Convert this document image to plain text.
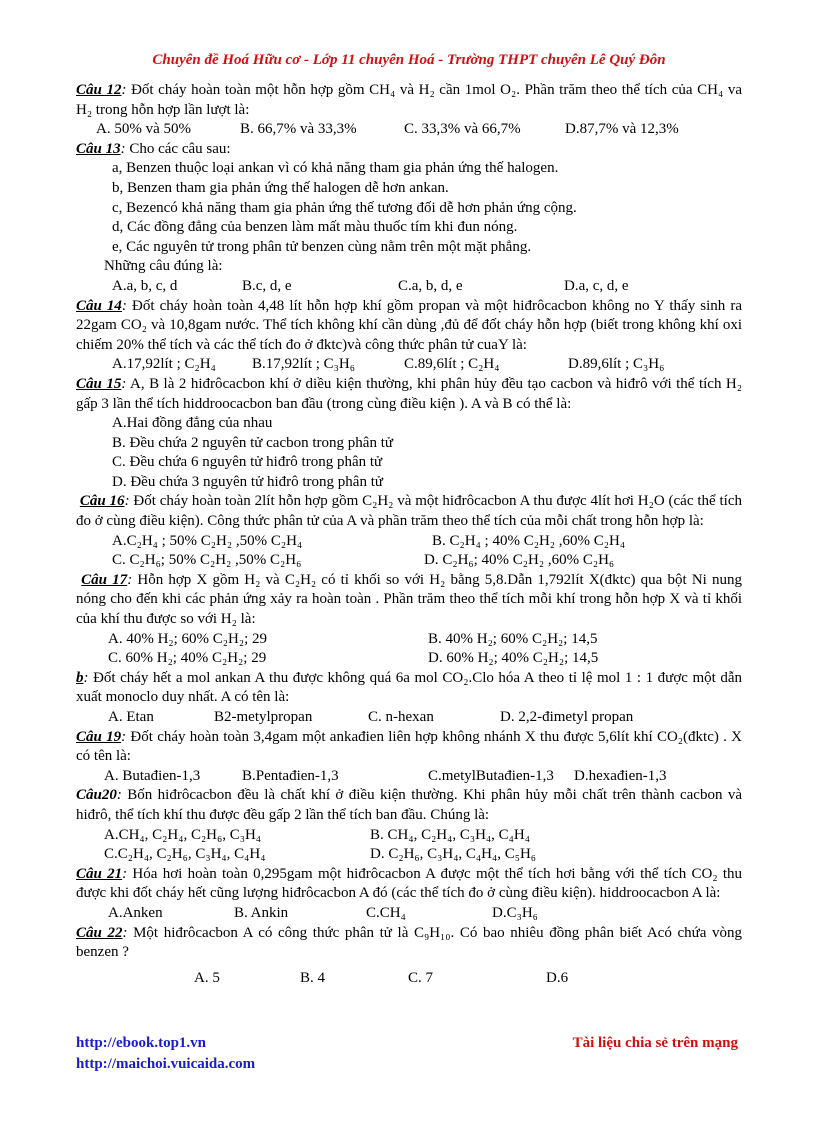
Chuyên đề Hoá Hữu cơ - Lớp 11 chuyên Hoá - Trường THPT chuyên Lê Quý Đôn

Câu 12: Đốt cháy hoàn toàn một hỗn hợp gồm CH₄ và H₂ cần 1mol O₂. Phần trăm theo thể tích của CH₄ va H₂ trong hỗn hợp lần lượt là:

A. 50% và 50%	B. 66,7% và 33,3%	C. 33,3% và 66,7%	D.87,7% và 12,3%

Câu 13: Cho các câu sau:

a, Benzen thuộc loại ankan vì có khả năng tham gia phản ứng thế halogen.

b, Benzen tham gia phản ứng thế halogen dễ hơn ankan.

c, Bezencó khả năng tham gia phản ứng thế tương đối dễ hơn phản ứng cộng.

d, Các đồng đẳng của benzen làm mất màu thuốc tím khi đun nóng.

e, Các nguyên tử trong phân tử benzen cùng nằm trên một mặt phẳng.

Những câu đúng là:

A.a, b, c, d	B.c, d, e	C.a, b, d, e	D.a, c, d, e

Câu 14: Đốt cháy hoàn toàn 4,48 lít hỗn hợp khí gồm propan và một hiđrôcacbon không no Y thấy sinh ra 22gam CO₂ và 10,8gam nước. Thể tích không khí cần dùng ,đủ để đốt cháy hỗn hợp (biết trong không khí oxi chiếm 20% thể tích và các thể tích đo ở đktc)và công thức phân tử cuaY là:

A.17,92lít ; C₂H₄	B.17,92lít ; C₃H₆	C.89,6lít ; C₂H₄	D.89,6lít ; C₃H₆

Câu 15: A, B là 2 hiđrôcacbon khí ở diều kiện thường, khi phân hủy đều tạo cacbon và hiđrô với thể tích H₂ gấp 3 lần thể tích hiddroocacbon ban đầu (trong cùng điều kiện ). A và B có thể là:

A.Hai đồng đẳng của nhau

B. Đều chứa 2 nguyên tử cacbon trong phân tử

C. Đều chứa 6 nguyên tử hiđrô trong phân tử

D. Đều chứa 3 nguyên tử hiđrô trong phân tử

Câu 16: Đốt cháy hoàn toàn 2lít hỗn hợp gồm C₂H₂ và một hiđrôcacbon A thu được 4lít hơi H₂O (các thể tích đo ở cùng điều kiện). Công thức phân tử của A và phần trăm theo thể tích của mỗi chất trong hỗn hợp là:

A.C₂H₄ ; 50% C₂H₂ ,50% C₂H₄	B. C₂H₄ ; 40% C₂H₂ ,60% C₂H₄
C. C₂H₆; 50% C₂H₂ ,50% C₂H₆	D. C₂H₆; 40% C₂H₂ ,60% C₂H₆

Câu 17: Hỗn hợp X gồm H₂ và C₂H₂ có tỉ khối so với H₂ bằng 5,8.Dẫn 1,792lít X(đktc) qua bột Ni nung nóng cho đến khi các phản ứng xảy ra hoàn toàn . Phần trăm theo thể tích mỗi khí trong hỗn hợp X và tỉ khối của khí thu được so với H₂ là:

A. 40% H₂; 60% C₂H₂; 29	B. 40% H₂; 60% C₂H₂; 14,5
C. 60% H₂; 40% C₂H₂; 29	D. 60% H₂; 40% C₂H₂; 14,5

b: Đốt cháy hết a mol ankan A thu được không quá 6a mol CO₂.Clo hóa A theo tỉ lệ mol 1 : 1 được một dẫn xuất monoclo duy nhất. A có tên là:

A. Etan	B2-metylpropan	C. n-hexan	D. 2,2-đimetyl propan

Câu 19: Đốt cháy hoàn toàn 3,4gam một ankađien liên hợp không nhánh X thu được 5,6lít khí CO₂(đktc) . X có tên là:

A. Butađien-1,3	B.Pentađien-1,3	C.metylButađien-1,3	D.hexađien-1,3

Câu20: Bốn hiđrôcacbon đều là chất khí ở điều kiện thường. Khi phân hủy mỗi chất trên thành cacbon và hiđrô, thể tích khí thu được đều gấp 2 lần thể tích ban đầu. Chúng là:

A.CH₄, C₂H₄, C₂H₆, C₃H₄	B. CH₄, C₂H₄, C₃H₄, C₄H₄
C.C₂H₄, C₂H₆, C₃H₄, C₄H₄	D. C₂H₆, C₃H₄, C₄H₄, C₅H₆

Câu 21: Hóa hơi hoàn toàn 0,295gam một hiđrôcacbon A được một thể tích hơi bằng với thể tích CO₂ thu được khi đốt cháy hết cũng lượng hiđrôcacbon A đó (các thể tích đo ở cùng điều kiện). hiddroocacbon A là:

A.Anken	B. Ankin	C.CH₄	D.C₃H₆

Câu 22: Một hiđrôcacbon A có công thức phân tử là C₉H₁₀. Có bao nhiêu đồng phân biết Acó chứa vòng benzen ?

A. 5	B. 4	C. 7	D.6
http://ebook.top1.vn
http://maichoi.vuicaida.com
Tài liệu chia sẻ trên mạng
